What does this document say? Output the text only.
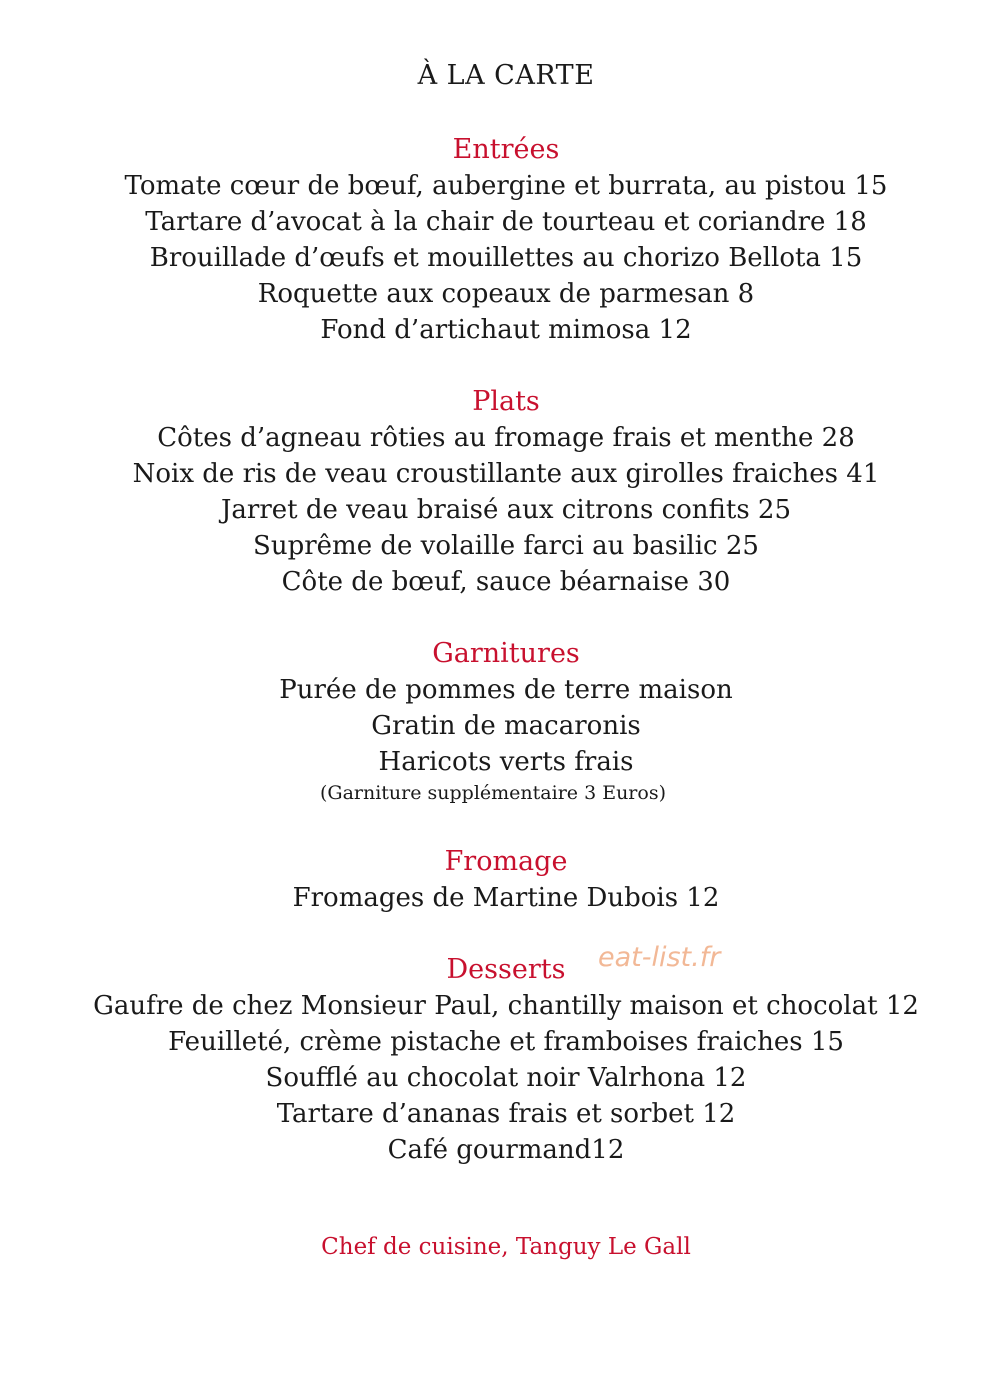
À LA CARTE
Entrées
Tomate cœur de bœuf, aubergine et burrata, au pistou 15
Tartare d’avocat à la chair de tourteau et coriandre 18
Brouillade d’œufs et mouillettes au chorizo Bellota 15
Roquette aux copeaux de parmesan 8
Fond d’artichaut mimosa 12
Plats
Côtes d’agneau rôties au fromage frais et menthe 28
Noix de ris de veau croustillante aux girolles fraiches 41
Jarret de veau braisé aux citrons confits 25
Suprême de volaille farci au basilic 25
Côte de bœuf, sauce béarnaise 30
Garnitures
Purée de pommes de terre maison
Gratin de macaronis
Haricots verts frais
(Garniture supplémentaire 3 Euros)
Fromage
Fromages de Martine Dubois 12
Desserts
Gaufre de chez Monsieur Paul, chantilly maison et chocolat 12
Feuilleté, crème pistache et framboises fraiches 15
Soufflé au chocolat noir Valrhona 12
Tartare d’ananas frais et sorbet 12
Café gourmand12
eat-list.fr
Chef de cuisine, Tanguy Le Gall
